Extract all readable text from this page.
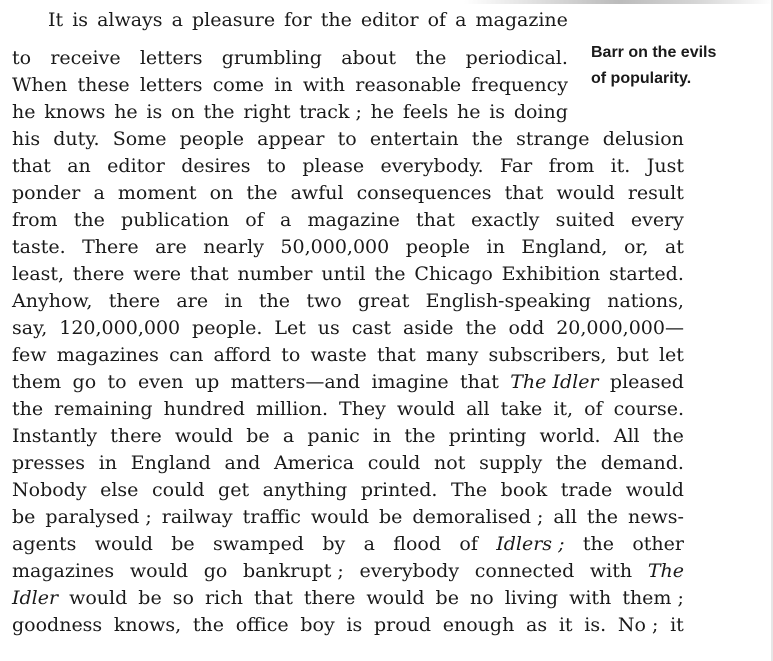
Barr on the evils
of popularity.
It is always a pleasure for the editor of a magazine
to receive letters grumbling about the periodical.
When these letters come in with reasonable frequency
he knows he is on the right track ; he feels he is doing
his duty. Some people appear to entertain the strange delusion
that an editor desires to please everybody. Far from it. Just
ponder a moment on the awful consequences that would result
from the publication of a magazine that exactly suited every
taste. There are nearly 50,000,000 people in England, or, at
least, there were that number until the Chicago Exhibition started.
Anyhow, there are in the two great English-speaking nations,
say, 120,000,000 people. Let us cast aside the odd 20,000,000—
few magazines can afford to waste that many subscribers, but let
them go to even up matters—and imagine that The Idler pleased
the remaining hundred million. They would all take it, of course.
Instantly there would be a panic in the printing world. All the
presses in England and America could not supply the demand.
Nobody else could get anything printed. The book trade would
be paralysed ; railway traffic would be demoralised ; all the news-
agents would be swamped by a flood of Idlers ; the other
magazines would go bankrupt ; everybody connected with The
Idler would be so rich that there would be no living with them ;
goodness knows, the office boy is proud enough as it is. No ; it
